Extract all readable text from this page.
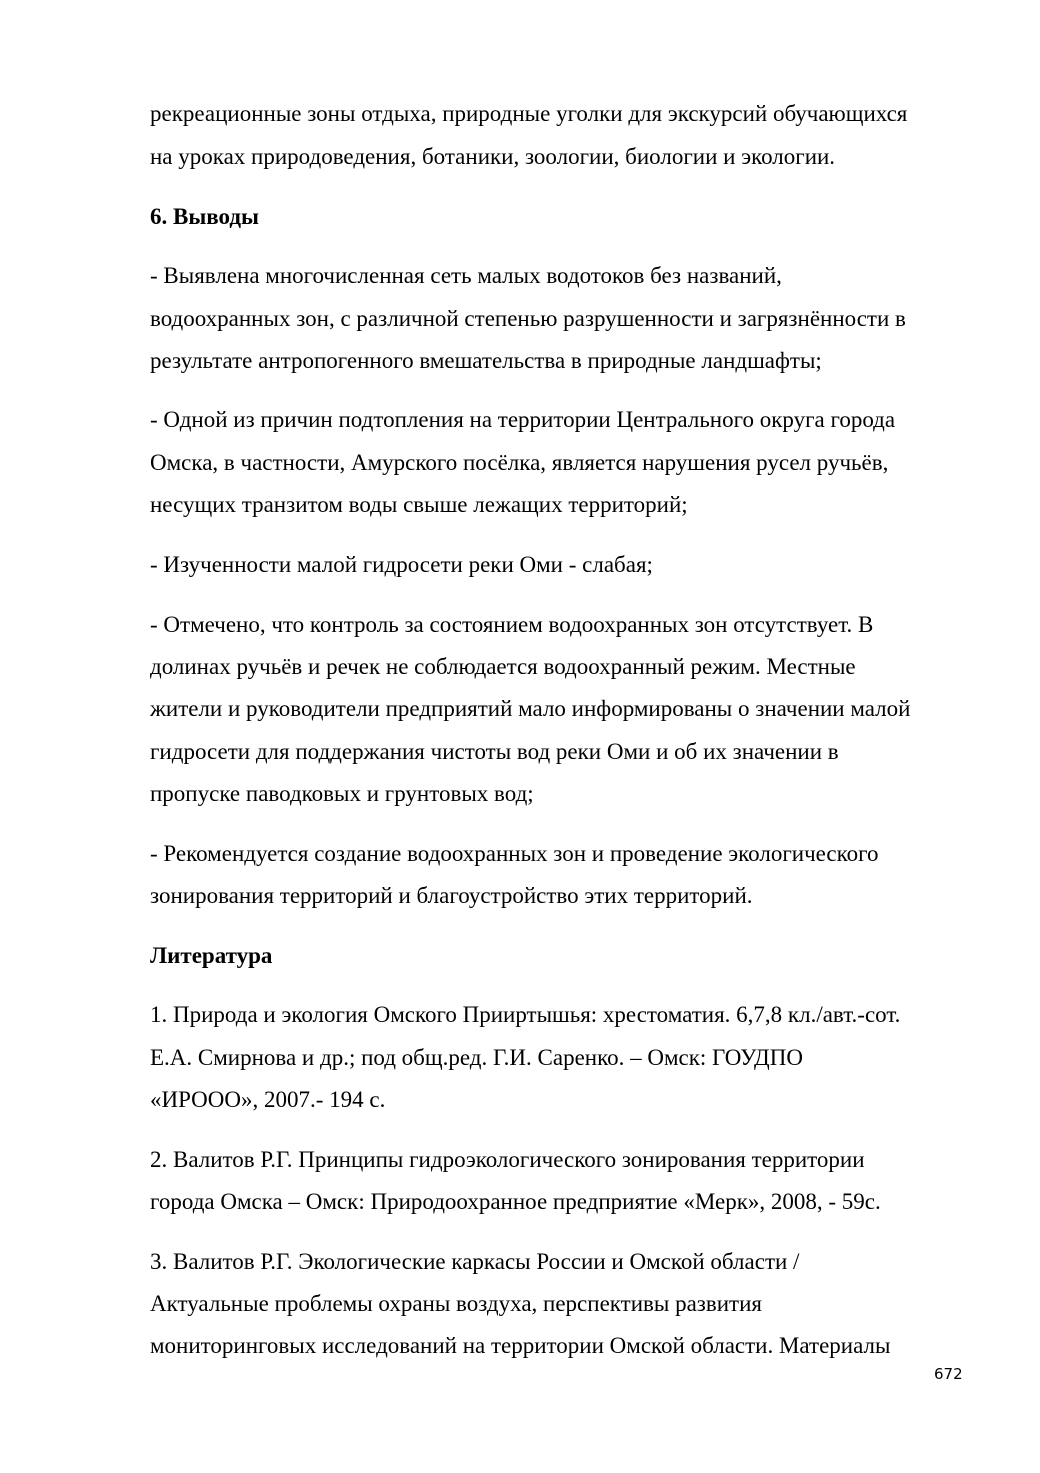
рекреационные зоны отдыха, природные уголки для экскурсий обучающихся
на уроках природоведения, ботаники, зоологии, биологии и экологии.
6. Выводы
- Выявлена многочисленная сеть малых водотоков без названий,
водоохранных зон, с различной степенью разрушенности и загрязнённости в
результате антропогенного вмешательства в природные ландшафты;
- Одной из причин подтопления на территории Центрального округа города
Омска, в частности, Амурского посёлка, является нарушения русел ручьёв,
несущих транзитом воды свыше лежащих территорий;
- Изученности малой гидросети реки Оми - слабая;
- Отмечено, что контроль за состоянием водоохранных зон отсутствует. В
долинах ручьёв и речек не соблюдается водоохранный режим. Местные
жители и руководители предприятий мало информированы о значении малой
гидросети для поддержания чистоты вод реки Оми и об их значении в
пропуске паводковых и грунтовых вод;
- Рекомендуется создание водоохранных зон и проведение экологического
зонирования территорий и благоустройство этих территорий.
Литература
1. Природа и экология Омского Прииртышья: хрестоматия. 6,7,8 кл./авт.-сот.
Е.А. Смирнова и др.; под общ.ред. Г.И. Саренко. – Омск: ГОУДПО
«ИРООО», 2007.- 194 с.
2. Валитов Р.Г. Принципы гидроэкологического зонирования территории
города Омска – Омск: Природоохранное предприятие «Мерк», 2008, - 59с.
3. Валитов Р.Г. Экологические каркасы России и Омской области /
Актуальные проблемы охраны воздуха, перспективы развития
мониторинговых исследований на территории Омской области. Материалы
672
